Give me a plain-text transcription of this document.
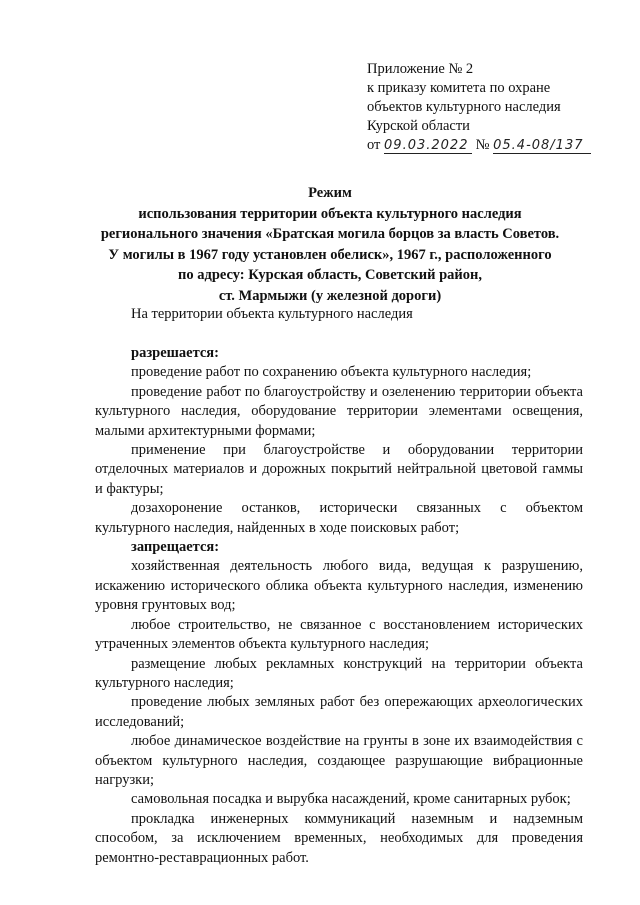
Приложение № 2
к приказу комитета по охране
объектов культурного наследия
Курской области
от 09.03.2022 № 05.4-08/137
Режим
использования территории объекта культурного наследия
регионального значения «Братская могила борцов за власть Советов.
У могилы в 1967 году установлен обелиск», 1967 г., расположенного
по адресу: Курская область, Советский район,
ст. Мармыжи (у железной дороги)
На территории объекта культурного наследия

разрешается:

проведение работ по сохранению объекта культурного наследия;

проведение работ по благоустройству и озеленению территории объекта культурного наследия, оборудование территории элементами освещения, малыми архитектурными формами;

применение при благоустройстве и оборудовании территории отделочных материалов и дорожных покрытий нейтральной цветовой гаммы и фактуры;

дозахоронение останков, исторически связанных с объектом культурного наследия, найденных в ходе поисковых работ;

запрещается:

хозяйственная деятельность любого вида, ведущая к разрушению, искажению исторического облика объекта культурного наследия, изменению уровня грунтовых вод;

любое строительство, не связанное с восстановлением исторических утраченных элементов объекта культурного наследия;

размещение любых рекламных конструкций на территории объекта культурного наследия;

проведение любых земляных работ без опережающих археологических исследований;

любое динамическое воздействие на грунты в зоне их взаимодействия с объектом культурного наследия, создающее разрушающие вибрационные нагрузки;

самовольная посадка и вырубка насаждений, кроме санитарных рубок;

прокладка инженерных коммуникаций наземным и надземным способом, за исключением временных, необходимых для проведения ремонтно-реставрационных работ.
